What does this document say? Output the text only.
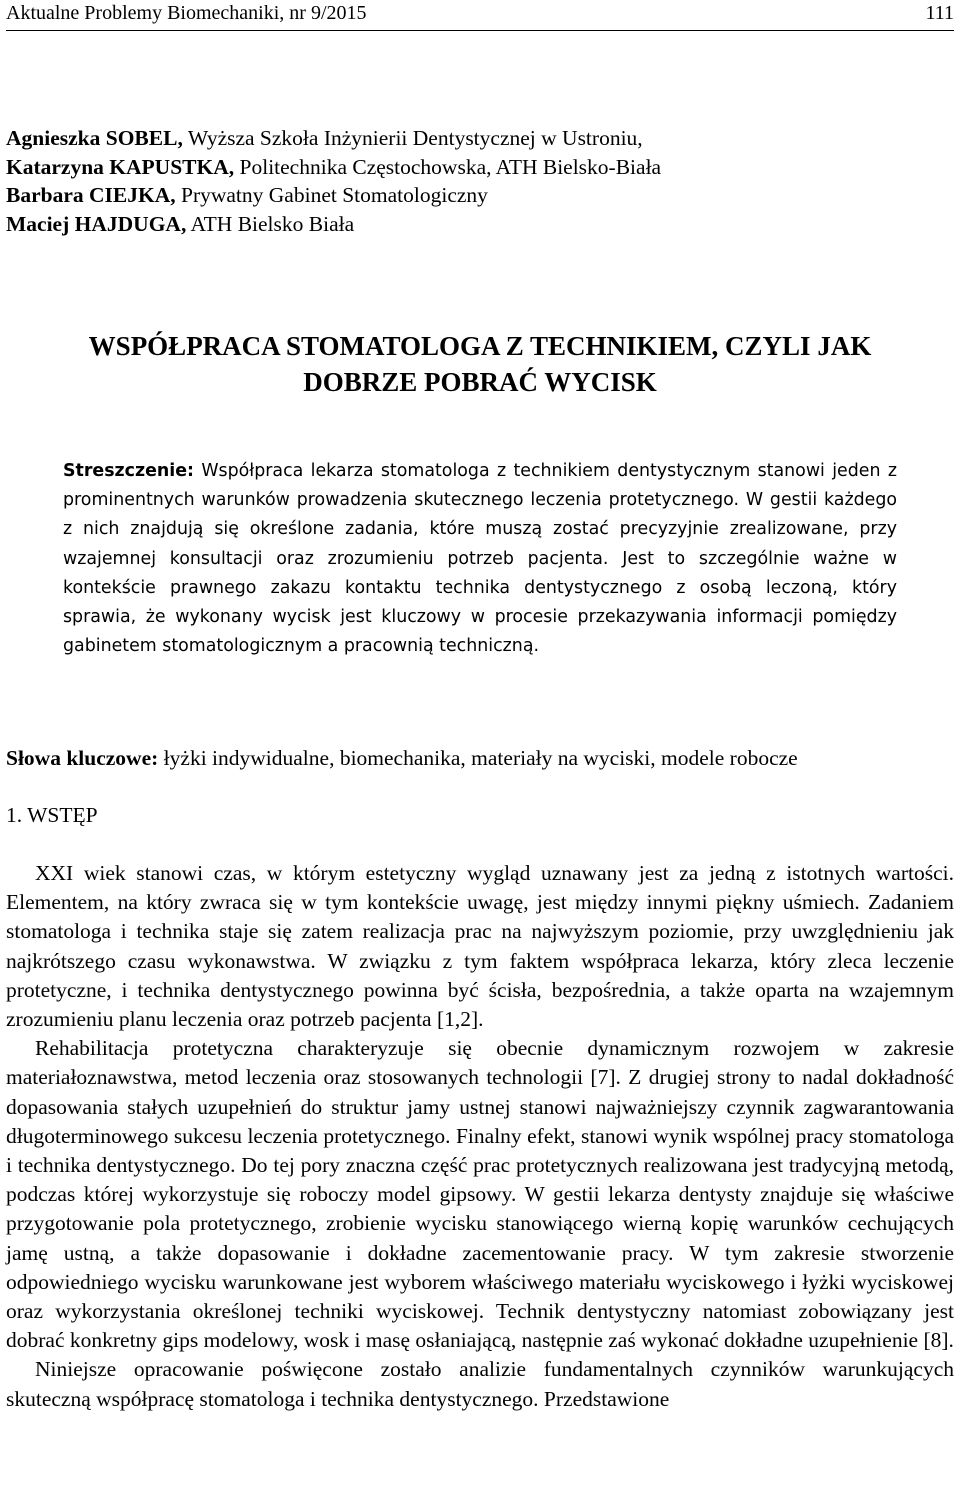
Aktualne Problemy Biomechaniki, nr 9/2015	111
Agnieszka SOBEL, Wyższa Szkoła Inżynierii Dentystycznej w Ustroniu,
Katarzyna KAPUSTKA, Politechnika Częstochowska, ATH Bielsko-Biała
Barbara CIEJKA, Prywatny Gabinet Stomatologiczny
Maciej HAJDUGA, ATH Bielsko Biała
WSPÓŁPRACA STOMATOLOGA Z TECHNIKIEM, CZYLI JAK
DOBRZE POBRAĆ WYCISK
Streszczenie: Współpraca lekarza stomatologa z technikiem dentystycznym stanowi jeden z prominentnych warunków prowadzenia skutecznego leczenia protetycznego. W gestii każdego z nich znajdują się określone zadania, które muszą zostać precyzyjnie zrealizowane, przy wzajemnej konsultacji oraz zrozumieniu potrzeb pacjenta. Jest to szczególnie ważne w kontekście prawnego zakazu kontaktu technika dentystycznego z osobą leczoną, który sprawia, że wykonany wycisk jest kluczowy w procesie przekazywania informacji pomiędzy gabinetem stomatologicznym a pracownią techniczną.
Słowa kluczowe: łyżki indywidualne, biomechanika, materiały na wyciski, modele robocze
1. WSTĘP

XXI wiek stanowi czas, w którym estetyczny wygląd uznawany jest za jedną z istotnych wartości. Elementem, na który zwraca się w tym kontekście uwagę, jest między innymi piękny uśmiech. Zadaniem stomatologa i technika staje się zatem realizacja prac na najwyższym poziomie, przy uwzględnieniu jak najkrótszego czasu wykonawstwa. W związku z tym faktem współpraca lekarza, który zleca leczenie protetyczne, i technika dentystycznego powinna być ścisła, bezpośrednia, a także oparta na wzajemnym zrozumieniu planu leczenia oraz potrzeb pacjenta [1,2].

Rehabilitacja protetyczna charakteryzuje się obecnie dynamicznym rozwojem w zakresie materiałoznawstwa, metod leczenia oraz stosowanych technologii [7]. Z drugiej strony to nadal dokładność dopasowania stałych uzupełnień do struktur jamy ustnej stanowi najważniejszy czynnik zagwarantowania długoterminowego sukcesu leczenia protetycznego. Finalny efekt, stanowi wynik wspólnej pracy stomatologa i technika dentystycznego. Do tej pory znaczna część prac protetycznych realizowana jest tradycyjną metodą, podczas której wykorzystuje się roboczy model gipsowy. W gestii lekarza dentysty znajduje się właściwe przygotowanie pola protetycznego, zrobienie wycisku stanowiącego wierną kopię warunków cechujących jamę ustną, a także dopasowanie i dokładne zacementowanie pracy. W tym zakresie stworzenie odpowiedniego wycisku warunkowane jest wyborem właściwego materiału wyciskowego i łyżki wyciskowej oraz wykorzystania określonej techniki wyciskowej. Technik dentystyczny natomiast zobowiązany jest dobrać konkretny gips modelowy, wosk i masę osłaniającą, następnie zaś wykonać dokładne uzupełnienie [8].

Niniejsze opracowanie poświęcone zostało analizie fundamentalnych czynników warunkujących skuteczną współpracę stomatologa i technika dentystycznego. Przedstawione
